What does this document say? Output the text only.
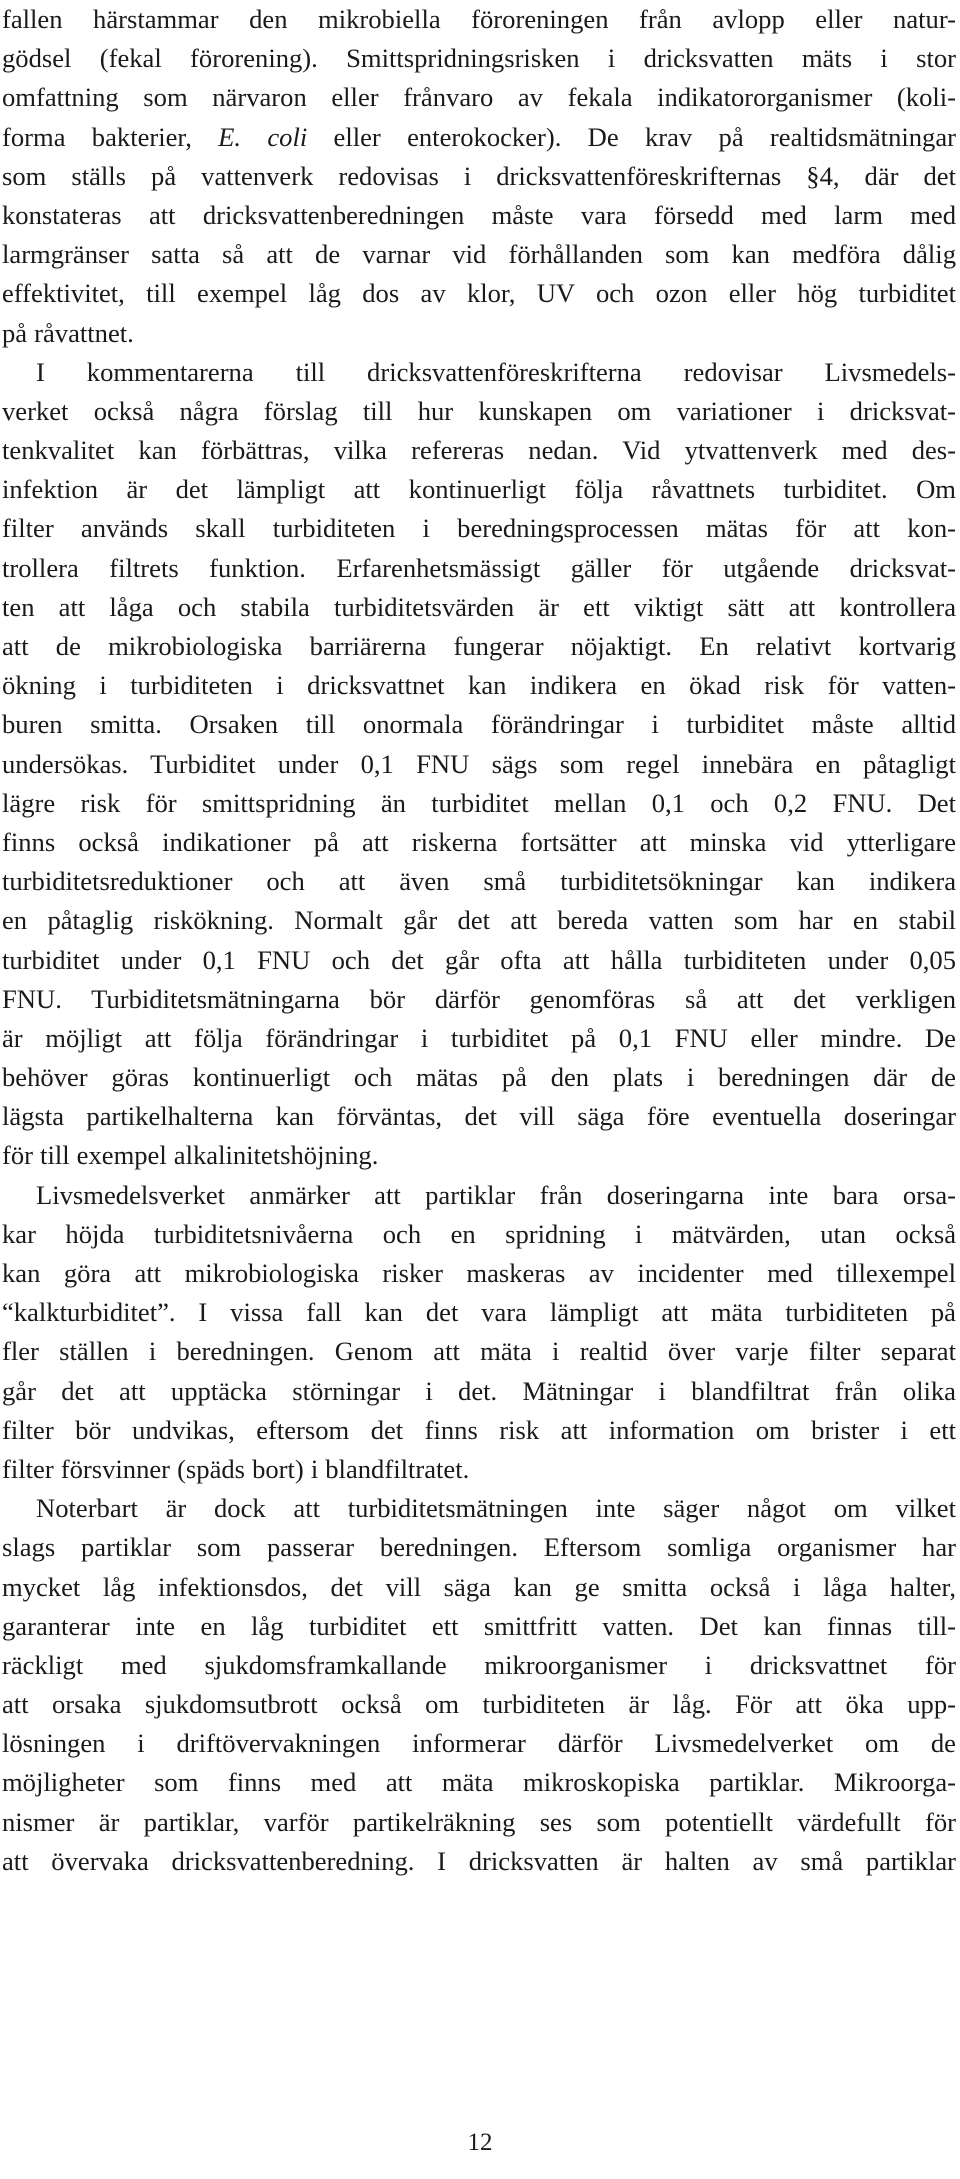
fallen härstammar den mikrobiella föroreningen från avlopp eller natur-
gödsel (fekal förorening). Smittspridningsrisken i dricksvatten mäts i stor
omfattning som närvaron eller frånvaro av fekala indikatororganismer (koli-
forma bakterier, E. coli eller enterokocker). De krav på realtidsmätningar
som ställs på vattenverk redovisas i dricksvattenföreskrifternas §4, där det
konstateras att dricksvattenberedningen måste vara försedd med larm med
larmgränser satta så att de varnar vid förhållanden som kan medföra dålig
effektivitet, till exempel låg dos av klor, UV och ozon eller hög turbiditet
på råvattnet.
I kommentarerna till dricksvattenföreskrifterna redovisar Livsmedels-
verket också några förslag till hur kunskapen om variationer i dricksvat-
tenkvalitet kan förbättras, vilka refereras nedan. Vid ytvattenverk med des-
infektion är det lämpligt att kontinuerligt följa råvattnets turbiditet. Om
filter används skall turbiditeten i beredningsprocessen mätas för att kon-
trollera filtrets funktion. Erfarenhetsmässigt gäller för utgående dricksvat-
ten att låga och stabila turbiditetsvärden är ett viktigt sätt att kontrollera
att de mikrobiologiska barriärerna fungerar nöjaktigt. En relativt kortvarig
ökning i turbiditeten i dricksvattnet kan indikera en ökad risk för vatten-
buren smitta. Orsaken till onormala förändringar i turbiditet måste alltid
undersökas. Turbiditet under 0,1 FNU sägs som regel innebära en påtagligt
lägre risk för smittspridning än turbiditet mellan 0,1 och 0,2 FNU. Det
finns också indikationer på att riskerna fortsätter att minska vid ytterligare
turbiditetsreduktioner och att även små turbiditetsökningar kan indikera
en påtaglig riskökning. Normalt går det att bereda vatten som har en stabil
turbiditet under 0,1 FNU och det går ofta att hålla turbiditeten under 0,05
FNU. Turbiditetsmätningarna bör därför genomföras så att det verkligen
är möjligt att följa förändringar i turbiditet på 0,1 FNU eller mindre. De
behöver göras kontinuerligt och mätas på den plats i beredningen där de
lägsta partikelhalterna kan förväntas, det vill säga före eventuella doseringar
för till exempel alkalinitetshöjning.
Livsmedelsverket anmärker att partiklar från doseringarna inte bara orsa-
kar höjda turbiditetsnivåerna och en spridning i mätvärden, utan också
kan göra att mikrobiologiska risker maskeras av incidenter med tillexempel
“kalkturbiditet”. I vissa fall kan det vara lämpligt att mäta turbiditeten på
fler ställen i beredningen. Genom att mäta i realtid över varje filter separat
går det att upptäcka störningar i det. Mätningar i blandfiltrat från olika
filter bör undvikas, eftersom det finns risk att information om brister i ett
filter försvinner (späds bort) i blandfiltratet.
Noterbart är dock att turbiditetsmätningen inte säger något om vilket
slags partiklar som passerar beredningen. Eftersom somliga organismer har
mycket låg infektionsdos, det vill säga kan ge smitta också i låga halter,
garanterar inte en låg turbiditet ett smittfritt vatten. Det kan finnas till-
räckligt med sjukdomsframkallande mikroorganismer i dricksvattnet för
att orsaka sjukdomsutbrott också om turbiditeten är låg. För att öka upp-
lösningen i driftövervakningen informerar därför Livsmedelverket om de
möjligheter som finns med att mäta mikroskopiska partiklar. Mikroorga-
nismer är partiklar, varför partikelräkning ses som potentiellt värdefullt för
att övervaka dricksvattenberedning. I dricksvatten är halten av små partiklar
12
